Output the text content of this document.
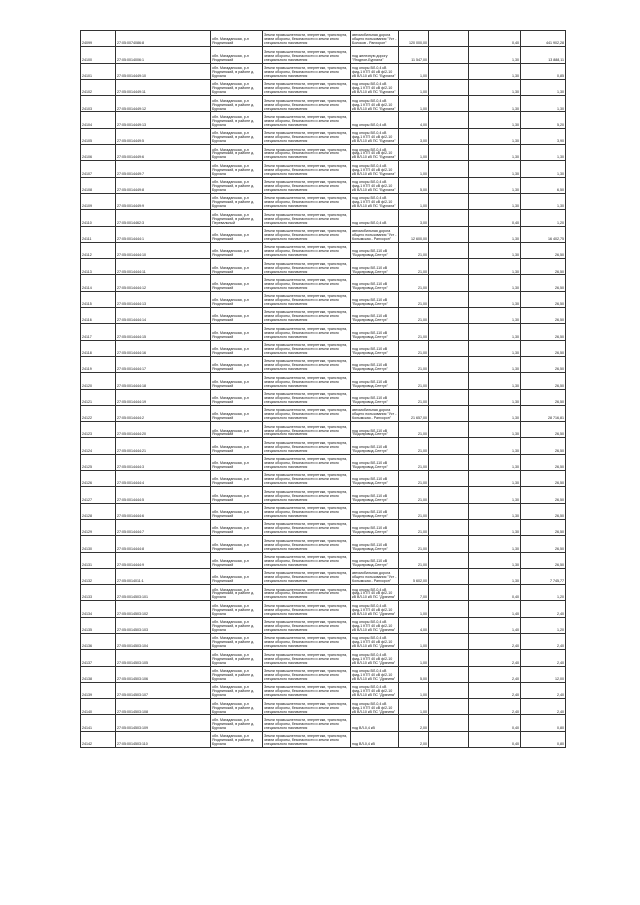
24099	27:05:0074086:8	обл. Магаданская, р-н Ягоднинский	Земли промышленности, энергетики, транспорта, земли обороны, безопасности и земли иного специального назначения	автомобильная дорога общего пользования "Уст - Болоков - Ранхорон"	120 000,00		0,40	441 902,28
24100	27:05:0014006:1	обл. Магаданская, р-н Ягоднинский	Земли промышленности, энергетики, транспорта, земли обороны, безопасности и земли иного специального назначения	под железную дорогу "Ягодное-Бурхала"	11 547,00		1,30	13 888,11
24101	27:05:0014449:10	обл. Магаданская, р-н Ягоднинский, в районе д. Бурхала	Земли промышленности, энергетики, транспорта, земли обороны, безопасности и земли иного специального назначения	под опоры ВЛ-0,4 кВ фид-1 КТП 40 кВ ф/2-10 кВ ВЛ-10 кВ ПС "Бурхала"	1,00		1,30	0,85
24102	27:05:0014449:11	обл. Магаданская, р-н Ягоднинский, в районе д. Бурхала	Земли промышленности, энергетики, транспорта, земли обороны, безопасности и земли иного специального назначения	под опоры ВЛ-0,4 кВ фид-1 КТП 40 кВ ф/2-10 кВ ВЛ-10 кВ ПС "Бурхала"	1,00		1,30	1,30
24103	27:05:0014449:12	обл. Магаданская, р-н Ягоднинский, в районе д. Бурхала	Земли промышленности, энергетики, транспорта, земли обороны, безопасности и земли иного специального назначения	под опоры ВЛ-0,4 кВ фид-1 КТП 40 кВ ф/2-10 кВ ВЛ-10 кВ ПС "Бурхала"	1,00		1,30	1,30
24104	27:05:0014449:13	обл. Магаданская, р-н Ягоднинский, в районе д. Бурхала	Земли промышленности, энергетики, транспорта, земли обороны, безопасности и земли иного специального назначения	под опоры ВЛ-0,4 кВ	4,00		1,30	5,20
24105	27:05:0014449:5	обл. Магаданская, р-н Ягоднинский, в районе д. Бурхала	Земли промышленности, энергетики, транспорта, земли обороны, безопасности и земли иного специального назначения	под опоры ВЛ-0,4 кВ фид-1 КТП 40 кВ ф/2-10 кВ ВЛ-10 кВ ПС "Бурхала"	3,00		1,30	3,90
24106	27:05:0014449:6	обл. Магаданская, р-н Ягоднинский, в районе д. Бурхала	Земли промышленности, энергетики, транспорта, земли обороны, безопасности и земли иного специального назначения	под опоры ВЛ-0,4 кВ фид-1 КТП 40 кВ ф/2-10 кВ ВЛ-10 кВ ПС "Бурхала"	1,00		1,30	1,30
24107	27:05:0014449:7	обл. Магаданская, р-н Ягоднинский, в районе д. Бурхала	Земли промышленности, энергетики, транспорта, земли обороны, безопасности и земли иного специального назначения	под опоры ВЛ-0,4 кВ фид-1 КТП 40 кВ ф/2-10 кВ ВЛ-10 кВ ПС "Бурхала"	1,00		1,30	1,30
24108	27:05:0014449:8	обл. Магаданская, р-н Ягоднинский, в районе д. Бурхала	Земли промышленности, энергетики, транспорта, земли обороны, безопасности и земли иного специального назначения	под опоры ВЛ-0,4 кВ фид-1 КТП 40 кВ ф/2-10 кВ ВЛ-10 кВ ПС "Бурхала"	5,00		1,30	6,50
24109	27:05:0014449:9	обл. Магаданская, р-н Ягоднинский, в районе д. Бурхала	Земли промышленности, энергетики, транспорта, земли обороны, безопасности и земли иного специального назначения	под опоры ВЛ-0,4 кВ фид-1 КТП 40 кВ ф/2-10 кВ ВЛ-10 кВ ПС "Бурхала"	1,00		1,30	1,30
24110	27:05:0014462:3	обл. Магаданская, р-н Ягоднинский, в районе д. Перевальный	Земли промышленности, энергетики, транспорта, земли обороны, безопасности и земли иного специального назначения	под опоры ВЛ-0,4 кВ	3,00		0,40	1,20
24111	27:05:0014444:1	обл. Магаданская, р-н Ягоднинский	Земли промышленности, энергетики, транспорта, земли обороны, безопасности и земли иного специального назначения	автомобильная дорога общего пользования "Уст - Колымская - Ранхорон"	12 600,00		1,30	16 402,75
24112	27:05:0014444:10	обл. Магаданская, р-н Ягоднинский	Земли промышленности, энергетики, транспорта, земли обороны, безопасности и земли иного специального назначения	под опоры ВЛ-110 кВ "Водопровод-Сентух"	21,00		1,30	26,50
24113	27:05:0014444:11	обл. Магаданская, р-н Ягоднинский	Земли промышленности, энергетики, транспорта, земли обороны, безопасности и земли иного специального назначения	под опоры ВЛ-110 кВ "Водопровод-Сентух"	21,00		1,30	26,50
24114	27:05:0014444:12	обл. Магаданская, р-н Ягоднинский	Земли промышленности, энергетики, транспорта, земли обороны, безопасности и земли иного специального назначения	под опоры ВЛ-110 кВ "Водопровод-Сентух"	21,00		1,30	26,50
24115	27:05:0014444:13	обл. Магаданская, р-н Ягоднинский	Земли промышленности, энергетики, транспорта, земли обороны, безопасности и земли иного специального назначения	под опоры ВЛ-110 кВ "Водопровод-Сентух"	21,00		1,30	26,50
24116	27:05:0014444:14	обл. Магаданская, р-н Ягоднинский	Земли промышленности, энергетики, транспорта, земли обороны, безопасности и земли иного специального назначения	под опоры ВЛ-110 кВ "Водопровод-Сентух"	21,00		1,30	26,50
24117	27:05:0014444:15	обл. Магаданская, р-н Ягоднинский	Земли промышленности, энергетики, транспорта, земли обороны, безопасности и земли иного специального назначения	под опоры ВЛ-110 кВ "Водопровод-Сентух"	21,00		1,30	26,50
24118	27:05:0014444:16	обл. Магаданская, р-н Ягоднинский	Земли промышленности, энергетики, транспорта, земли обороны, безопасности и земли иного специального назначения	под опоры ВЛ-110 кВ "Водопровод-Сентух"	21,00		1,30	26,50
24119	27:05:0014444:17	обл. Магаданская, р-н Ягоднинский	Земли промышленности, энергетики, транспорта, земли обороны, безопасности и земли иного специального назначения	под опоры ВЛ-110 кВ "Водопровод-Сентух"	21,00		1,30	26,50
24120	27:05:0014444:18	обл. Магаданская, р-н Ягоднинский	Земли промышленности, энергетики, транспорта, земли обороны, безопасности и земли иного специального назначения	под опоры ВЛ-110 кВ "Водопровод-Сентух"	21,00		1,30	26,50
24121	27:05:0014444:19	обл. Магаданская, р-н Ягоднинский	Земли промышленности, энергетики, транспорта, земли обороны, безопасности и земли иного специального назначения	под опоры ВЛ-110 кВ "Водопровод-Сентух"	21,00		1,30	26,50
24122	27:05:0014444:2	обл. Магаданская, р-н Ягоднинский	Земли промышленности, энергетики, транспорта, земли обороны, безопасности и земли иного специального назначения	автомобильная дорога общего пользования "Уст - Колымская - Ранхорон"	21 657,00		1,30	28 716,81
24123	27:05:0014444:20	обл. Магаданская, р-н Ягоднинский	Земли промышленности, энергетики, транспорта, земли обороны, безопасности и земли иного специального назначения	под опоры ВЛ-110 кВ "Водопровод-Сентух"	21,00		1,30	26,50
24124	27:05:0014444:21	обл. Магаданская, р-н Ягоднинский	Земли промышленности, энергетики, транспорта, земли обороны, безопасности и земли иного специального назначения	под опоры ВЛ-110 кВ "Водопровод-Сентух"	21,00		1,30	26,50
24125	27:05:0014444:3	обл. Магаданская, р-н Ягоднинский	Земли промышленности, энергетики, транспорта, земли обороны, безопасности и земли иного специального назначения	под опоры ВЛ-110 кВ "Водопровод-Сентух"	21,00		1,30	26,50
24126	27:05:0014444:4	обл. Магаданская, р-н Ягоднинский	Земли промышленности, энергетики, транспорта, земли обороны, безопасности и земли иного специального назначения	под опоры ВЛ-110 кВ "Водопровод-Сентух"	21,00		1,30	26,50
24127	27:05:0014444:5	обл. Магаданская, р-н Ягоднинский	Земли промышленности, энергетики, транспорта, земли обороны, безопасности и земли иного специального назначения	под опоры ВЛ-110 кВ "Водопровод-Сентух"	21,00		1,30	26,50
24128	27:05:0014444:6	обл. Магаданская, р-н Ягоднинский	Земли промышленности, энергетики, транспорта, земли обороны, безопасности и земли иного специального назначения	под опоры ВЛ-110 кВ "Водопровод-Сентух"	21,00		1,30	26,50
24129	27:05:0014444:7	обл. Магаданская, р-н Ягоднинский	Земли промышленности, энергетики, транспорта, земли обороны, безопасности и земли иного специального назначения	под опоры ВЛ-110 кВ "Водопровод-Сентух"	21,00		1,30	26,50
24130	27:05:0014444:8	обл. Магаданская, р-н Ягоднинский	Земли промышленности, энергетики, транспорта, земли обороны, безопасности и земли иного специального назначения	под опоры ВЛ-110 кВ "Водопровод-Сентух"	21,00		1,30	26,50
24131	27:05:0014444:9	обл. Магаданская, р-н Ягоднинский	Земли промышленности, энергетики, транспорта, земли обороны, безопасности и земли иного специального назначения	под опоры ВЛ-110 кВ "Водопровод-Сентух"	21,00		1,30	26,50
24132	27:05:0014011:1	обл. Магаданская, р-н Ягоднинский	Земли промышленности, энергетики, транспорта, земли обороны, безопасности и земли иного специального назначения	автомобильная дорога общего пользования "Уст - Колымская - Ранхорон"	5 602,00		1,30	7 745,77
24133	27:05:0014503:101	обл. Магаданская, р-н Ягоднинский, в районе д. Бурхала	Земли промышленности, энергетики, транспорта, земли обороны, безопасности и земли иного специального назначения	под опоры ВЛ-0,4 кВ фид-1 КТП 40 кВ ф/2-10 кВ ВЛ-10 кВ ПС "Дрягина"	7,00		0,40	1,20
24134	27:05:0014503:102	обл. Магаданская, р-н Ягоднинский, в районе д. Бурхала	Земли промышленности, энергетики, транспорта, земли обороны, безопасности и земли иного специального назначения	под опоры ВЛ-0,4 кВ фид-1 КТП 40 кВ ф/2-10 кВ ВЛ-10 кВ ПС "Дрягина"	1,00		1,40	2,40
24135	27:05:0014503:103	обл. Магаданская, р-н Ягоднинский, в районе д. Бурхала	Земли промышленности, энергетики, транспорта, земли обороны, безопасности и земли иного специального назначения	под опоры ВЛ-0,4 кВ фид-1 КТП 40 кВ ф/2-10 кВ ВЛ-10 кВ ПС "Дрягина"	4,00		1,40	1,20
24136	27:05:0014503:104	обл. Магаданская, р-н Ягоднинский, в районе д. Бурхала	Земли промышленности, энергетики, транспорта, земли обороны, безопасности и земли иного специального назначения	под опоры ВЛ-0,4 кВ фид-1 КТП 40 кВ ф/2-10 кВ ВЛ-10 кВ ПС "Дрягина"	1,00		2,40	2,40
24137	27:05:0014503:105	обл. Магаданская, р-н Ягоднинский, в районе д. Бурхала	Земли промышленности, энергетики, транспорта, земли обороны, безопасности и земли иного специального назначения	под опоры ВЛ-0,4 кВ фид-1 КТП 40 кВ ф/2-10 кВ ВЛ-10 кВ ПС "Дрягина"	1,00		2,40	2,40
24138	27:05:0014503:106	обл. Магаданская, р-н Ягоднинский, в районе д. Бурхала	Земли промышленности, энергетики, транспорта, земли обороны, безопасности и земли иного специального назначения	под опоры ВЛ-0,4 кВ фид-1 КТП 40 кВ ф/2-10 кВ ВЛ-10 кВ ПС "Дрягина"	5,00		2,40	12,00
24139	27:05:0014503:107	обл. Магаданская, р-н Ягоднинский, в районе д. Бурхала	Земли промышленности, энергетики, транспорта, земли обороны, безопасности и земли иного специального назначения	под опоры ВЛ-0,4 кВ фид-1 КТП 40 кВ ф/2-10 кВ ВЛ-10 кВ ПС "Дрягина"	1,00		2,40	2,40
24140	27:05:0014503:108	обл. Магаданская, р-н Ягоднинский, в районе д. Бурхала	Земли промышленности, энергетики, транспорта, земли обороны, безопасности и земли иного специального назначения	под опоры ВЛ-0,4 кВ фид-1 КТП 40 кВ ф/2-10 кВ ВЛ-10 кВ ПС "Дрягина"	1,00		2,40	2,40
24141	27:05:0014503:109	обл. Магаданская, р-н Ягоднинский, в районе д. Бурхала	Земли промышленности, энергетики, транспорта, земли обороны, безопасности и земли иного специального назначения	под ВЛ-0,4 кВ	2,00		0,40	0,80
24142	27:05:0014503:110	обл. Магаданская, р-н Ягоднинский, в районе д. Бурхала	Земли промышленности, энергетики, транспорта, земли обороны, безопасности и земли иного специального назначения	под ВЛ-0,4 кВ	2,00		0,40	0,80
